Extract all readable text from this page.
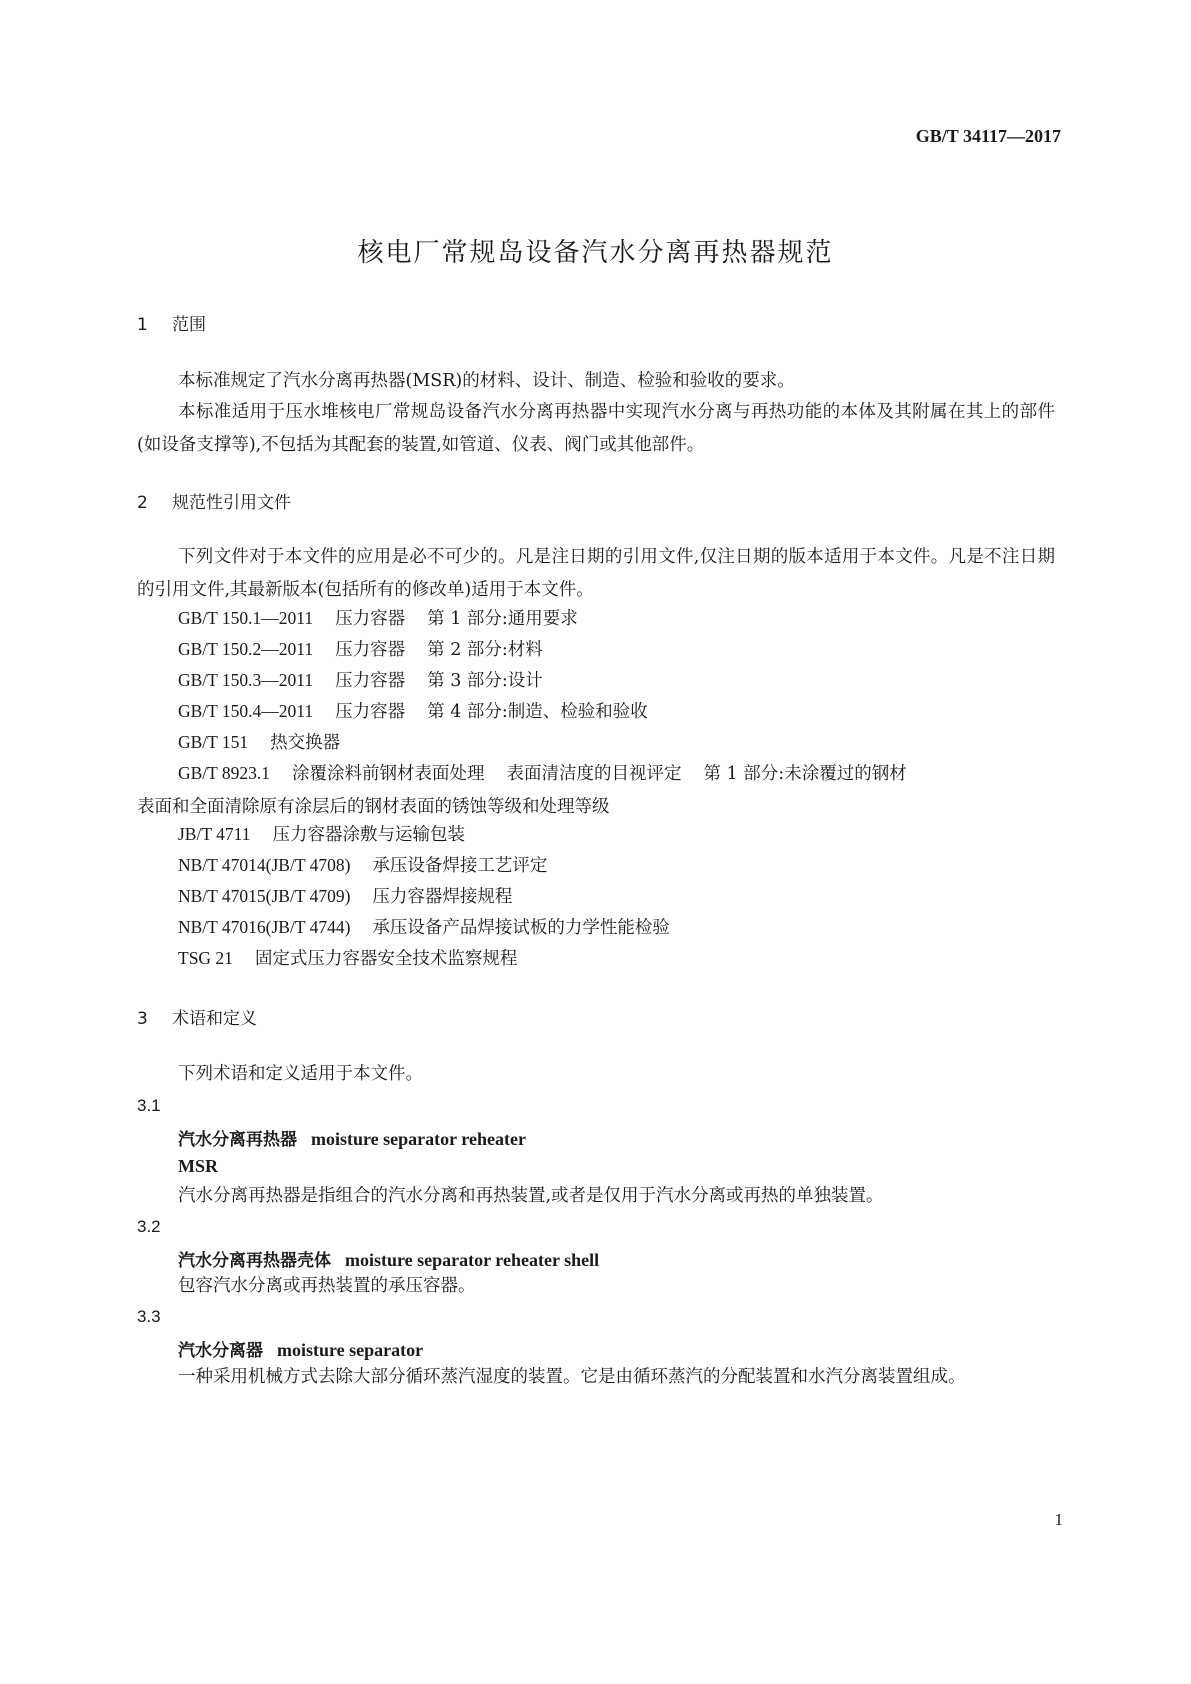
GB/T 34117—2017
核电厂常规岛设备汽水分离再热器规范
1 范围
本标准规定了汽水分离再热器(MSR)的材料、设计、制造、检验和验收的要求。
本标准适用于压水堆核电厂常规岛设备汽水分离再热器中实现汽水分离与再热功能的本体及其附属在其上的部件(如设备支撑等),不包括为其配套的装置,如管道、仪表、阀门或其他部件。
2 规范性引用文件
下列文件对于本文件的应用是必不可少的。凡是注日期的引用文件,仅注日期的版本适用于本文件。凡是不注日期的引用文件,其最新版本(包括所有的修改单)适用于本文件。
GB/T 150.1—2011 压力容器 第 1 部分:通用要求
GB/T 150.2—2011 压力容器 第 2 部分:材料
GB/T 150.3—2011 压力容器 第 3 部分:设计
GB/T 150.4—2011 压力容器 第 4 部分:制造、检验和验收
GB/T 151 热交换器
GB/T 8923.1 涂覆涂料前钢材表面处理 表面清洁度的目视评定 第 1 部分:未涂覆过的钢材
表面和全面清除原有涂层后的钢材表面的锈蚀等级和处理等级
JB/T 4711 压力容器涂敷与运输包装
NB/T 47014(JB/T 4708) 承压设备焊接工艺评定
NB/T 47015(JB/T 4709) 压力容器焊接规程
NB/T 47016(JB/T 4744) 承压设备产品焊接试板的力学性能检验
TSG 21 固定式压力容器安全技术监察规程
3 术语和定义
下列术语和定义适用于本文件。
3.1
汽水分离再热器 moisture separator reheater
MSR
汽水分离再热器是指组合的汽水分离和再热装置,或者是仅用于汽水分离或再热的单独装置。
3.2
汽水分离再热器壳体 moisture separator reheater shell
包容汽水分离或再热装置的承压容器。
3.3
汽水分离器 moisture separator
一种采用机械方式去除大部分循环蒸汽湿度的装置。它是由循环蒸汽的分配装置和水汽分离装置组成。
1
